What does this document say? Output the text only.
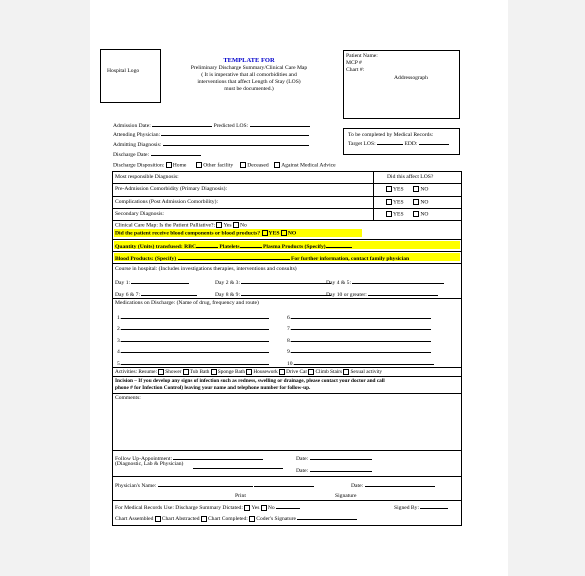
Hospital Logo
TEMPLATE FOR
Preliminary Discharge Summary/Clinical Care Map
( It is imperative that all comorbidities and
interventions that affect Length of Stay (LOS)
must be documented.)
Patient Name:
MCP #
Chart #:
Addressograph
Admission Date:	Predicted LOS:
Attending Physician:
Admitting Diagnosis:
Discharge Date:
To be completed by Medical Records:
Target LOS:	EDD:
Discharge Disposition: Home	Other facility	Deceased Against Medical Advice
Most responsible Diagnosis:	Did this affect LOS?
Pre-Admission Comorbidity (Primary Diagnosis):	YES	NO
Complications (Post Admission Comorbility):	YES	NO
Secondary Diagnosis:	YES	NO
Clinical Care Map: Is the Patient Palliative?: Yes No
Did the patient receive blood components or blood products? YES NO
Quantity (Units) transfused: RBC	Platelets	Plasma Products (Specify)
Blood Products: (Specify)	For further information, contact family physician
Course in hospital: (Includes investigations therapies, interventions and consults)
Day 1:	Day 2 & 3:	Day 4 & 5:
Day 6 & 7:	Day 8 & 9:	Day 10 or greater:
Medications on Discharge: (Name of drug, frequency and route)
1.
2.
3.
4.
5.
6.
7.
8.
9.
10.
Activities: Resume: Shower Tub Bath Sponge Bath Housework Drive Car Climb Stairs Sexual activity
Incision – If you develop any signs of infection such as redness, swelling or drainage, please contact your doctor and call
phone # for Infection Control) leaving your name and telephone number for follow-up.
Comments:
Follow Up-Appointment:
(Diagnostic, Lab & Physician)
Date:
Date:
Physician's Name:	Date:
Print	Signature
For Medical Records Use: Discharge Summary Dictated: Yes No	Signed By:
Chart Assembled Chart Abstracted Chart Completed: Coder's Signature
